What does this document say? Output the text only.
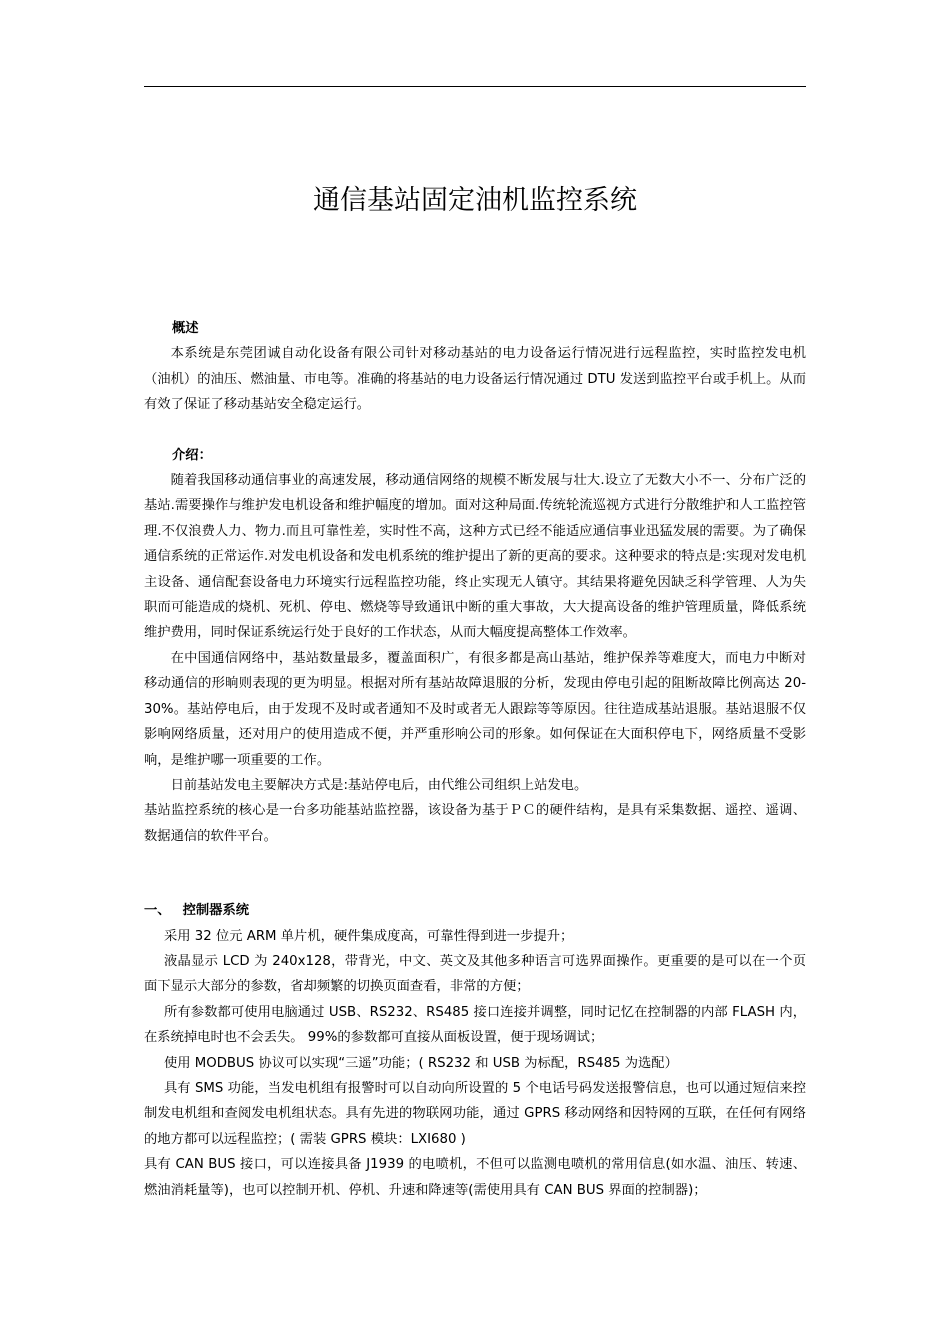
通信基站固定油机监控系统
概述

本系统是东莞团诚自动化设备有限公司针对移动基站的电力设备运行情况进行远程监控，实时监控发电机（油机）的油压、燃油量、市电等。准确的将基站的电力设备运行情况通过 DTU 发送到监控平台或手机上。从而有效了保证了移动基站安全稳定运行。

介绍：

随着我国移动通信事业的高速发展，移动通信网络的规模不断发展与壮大.设立了无数大小不一、分布广泛的基站.需要操作与维护发电机设备和维护幅度的增加。面对这种局面.传统轮流巡视方式进行分散维护和人工监控管理.不仅浪费人力、物力.而且可靠性差，实时性不高，这种方式已经不能适应通信事业迅猛发展的需要。为了确保通信系统的正常运作.对发电机设备和发电机系统的维护提出了新的更高的要求。这种要求的特点是:实现对发电机主设备、通信配套设备电力环境实行远程监控功能，终止实现无人镇守。其结果将避免因缺乏科学管理、人为失职而可能造成的烧机、死机、停电、燃烧等导致通讯中断的重大事故，大大提高设备的维护管理质量，降低系统维护费用，同时保证系统运行处于良好的工作状态，从而大幅度提高整体工作效率。

在中国通信网络中，基站数量最多，覆盖面积广，有很多都是高山基站，维护保养等难度大，而电力中断对移动通信的形晌则表现的更为明显。根据对所有基站故障退服的分析，发现由停电引起的阻断故障比例高达 20-30%。基站停电后，由于发现不及时或者通知不及时或者无人跟踪等等原因。往往造成基站退服。基站退服不仅影响网络质量，还对用户的使用造成不便，并严重形响公司的形象。如何保证在大面积停电下，网络质量不受影响，是维护哪一项重要的工作。

日前基站发电主要解决方式是:基站停电后，由代维公司组织上站发电。

基站监控系统的核心是一台多功能基站监控器，该设备为基于ＰＣ的硬件结构，是具有采集数据、遥控、遥调、数据通信的软件平台。

一、 控制器系统

采用 32 位元 ARM 单片机，硬件集成度高，可靠性得到进一步提升；

液晶显示 LCD 为 240x128，带背光，中文、英文及其他多种语言可选界面操作。更重要的是可以在一个页面下显示大部分的参数，省却频繁的切换页面查看，非常的方便；

所有参数都可使用电脑通过 USB、RS232、RS485 接口连接并调整，同时记忆在控制器的内部 FLASH 内，在系统掉电时也不会丢失。 99%的参数都可直接从面板设置，便于现场调试；

使用 MODBUS 协议可以实现“三遥”功能；( RS232 和 USB 为标配，RS485 为选配）

具有 SMS 功能，当发电机组有报警时可以自动向所设置的 5 个电话号码发送报警信息，也可以通过短信来控制发电机组和查阅发电机组状态。具有先进的物联网功能，通过 GPRS 移动网络和因特网的互联，在任何有网络的地方都可以远程监控；( 需装 GPRS 模块：LXI680 )

具有 CAN BUS 接口，可以连接具备 J1939 的电喷机，不但可以监测电喷机的常用信息(如水温、油压、转速、燃油消耗量等)，也可以控制开机、停机、升速和降速等(需使用具有 CAN BUS 界面的控制器)；
